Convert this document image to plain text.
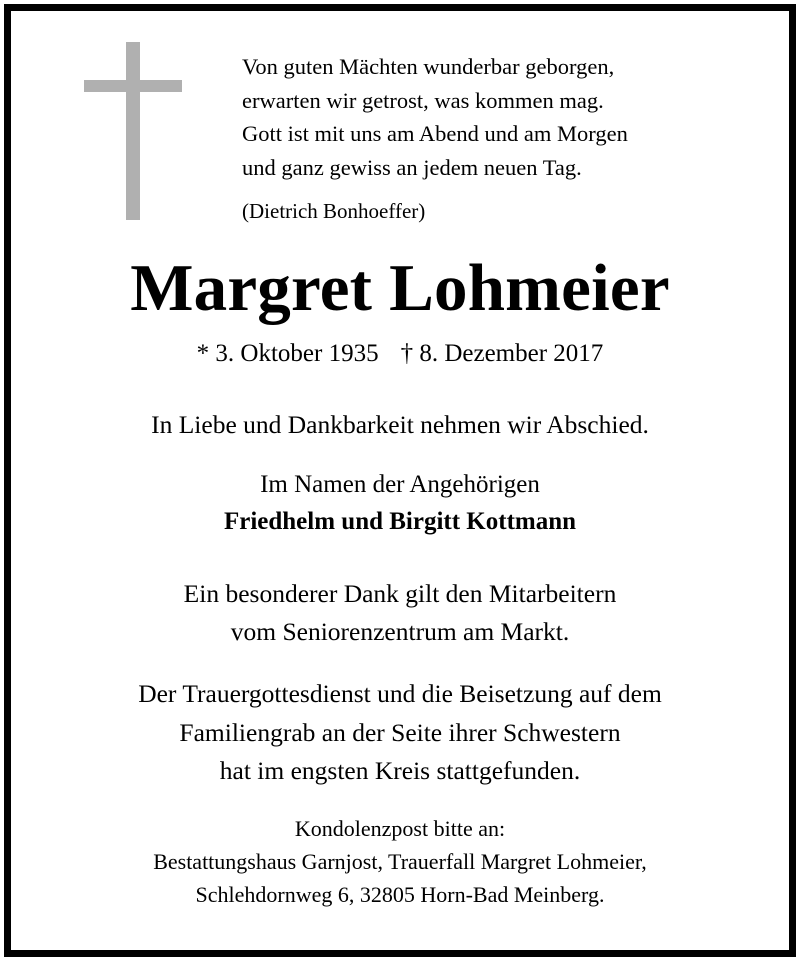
Von guten Mächten wunderbar geborgen,
erwarten wir getrost, was kommen mag.
Gott ist mit uns am Abend und am Morgen
und ganz gewiss an jedem neuen Tag.
(Dietrich Bonhoeffer)
Margret Lohmeier
* 3. Oktober 1935 † 8. Dezember 2017
In Liebe und Dankbarkeit nehmen wir Abschied.
Im Namen der Angehörigen
Friedhelm und Birgitt Kottmann
Ein besonderer Dank gilt den Mitarbeitern
vom Seniorenzentrum am Markt.
Der Trauergottesdienst und die Beisetzung auf dem
Familiengrab an der Seite ihrer Schwestern
hat im engsten Kreis stattgefunden.
Kondolenzpost bitte an:
Bestattungshaus Garnjost, Trauerfall Margret Lohmeier,
Schlehdornweg 6, 32805 Horn-Bad Meinberg.
